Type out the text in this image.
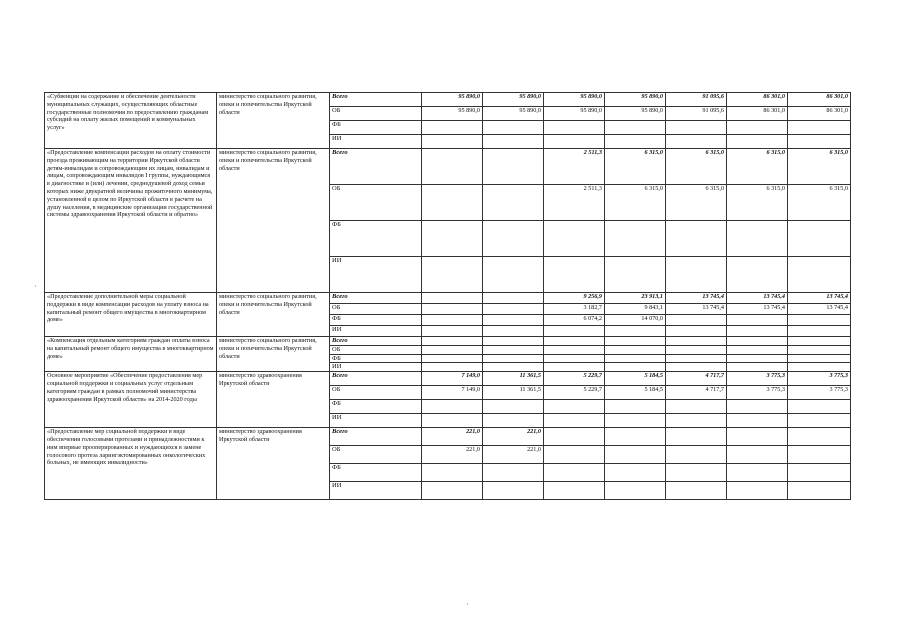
«Субвенции на содержание и обеспечение деятельности муниципальных служащих, осуществляющих областные государственные полномочия по предоставлению гражданам субсидий на оплату жилых помещений и коммунальных услуг»	министерство социального развития, опеки и попечительства Иркутской области	Всего	95 890,0	95 890,0	95 890,0	95 890,0	91 095,6	86 301,0	86 301,0
		ОБ	95 890,0	95 890,0	95 890,0	95 890,0	91 095,6	86 301,0	86 301,0
		ФБ							
		ИИ							
«Предоставление компенсации расходов на оплату стоимости проезда проживающим на территории Иркутской области детям-инвалидам и сопровождающим их лицам, инвалидам и лицам, сопровождающим инвалидов I группы, нуждающимся в диагностике и (или) лечении, среднедушевой доход семьи которых ниже двукратной величины прожиточного минимума, установленной в целом по Иркутской области в расчете на душу населения, в медицинские организации государственной системы здравоохранения Иркутской области и обратно»	министерство социального развития, опеки и попечительства Иркутской области	Всего			2 511,3	6 315,0	6 315,0	6 315,0	6 315,0
		ОБ			2 511,3	6 315,0	6 315,0	6 315,0	6 315,0
		ФБ							
		ИИ							
«Предоставление дополнительной меры социальной поддержки в виде компенсации расходов на уплату взноса на капитальный ремонт общего имущества в многоквартирном доме»	министерство социального развития, опеки и попечительства Иркутской области	Всего			9 256,9	23 913,1	13 745,4	13 745,4	13 745,4
		ОБ			3 182,7	9 843,1	13 745,4	13 745,4	13 745,4
		ФБ			6 074,2	14 070,0			
		ИИ							
«Компенсация отдельным категориям граждан оплаты взноса на капитальный ремонт общего имущества в многоквартирном доме»	министерство социального развития, опеки и попечительства Иркутской области	Всего							
		ОБ							
		ФБ							
		ИИ							
Основное мероприятие «Обеспечение предоставления мер социальной поддержки и социальных услуг отдельным категориям граждан в рамках полномочий министерства здравоохранения Иркутской области» на 2014-2020 годы	министерство здравоохранения Иркутской области	Всего	7 149,0	11 361,5	5 229,7	5 184,5	4 717,7	3 775,3	3 775,3
		ОБ	7 149,0	11 361,5	5 229,7	5 184,5	4 717,7	3 775,3	3 775,3
		ФБ							
		ИИ							
«Предоставление мер социальной поддержки в виде обеспечения голосовыми протезами и принадлежностями к ним впервые прооперированных и нуждающихся в замене голосового протеза ларингэктомированных онкологических больных, не имеющих инвалидности»	министерство здравоохранения Иркутской области	Всего	221,0	221,0					
		ОБ	221,0	221,0					
		ФБ							
		ИИ							
·
·
